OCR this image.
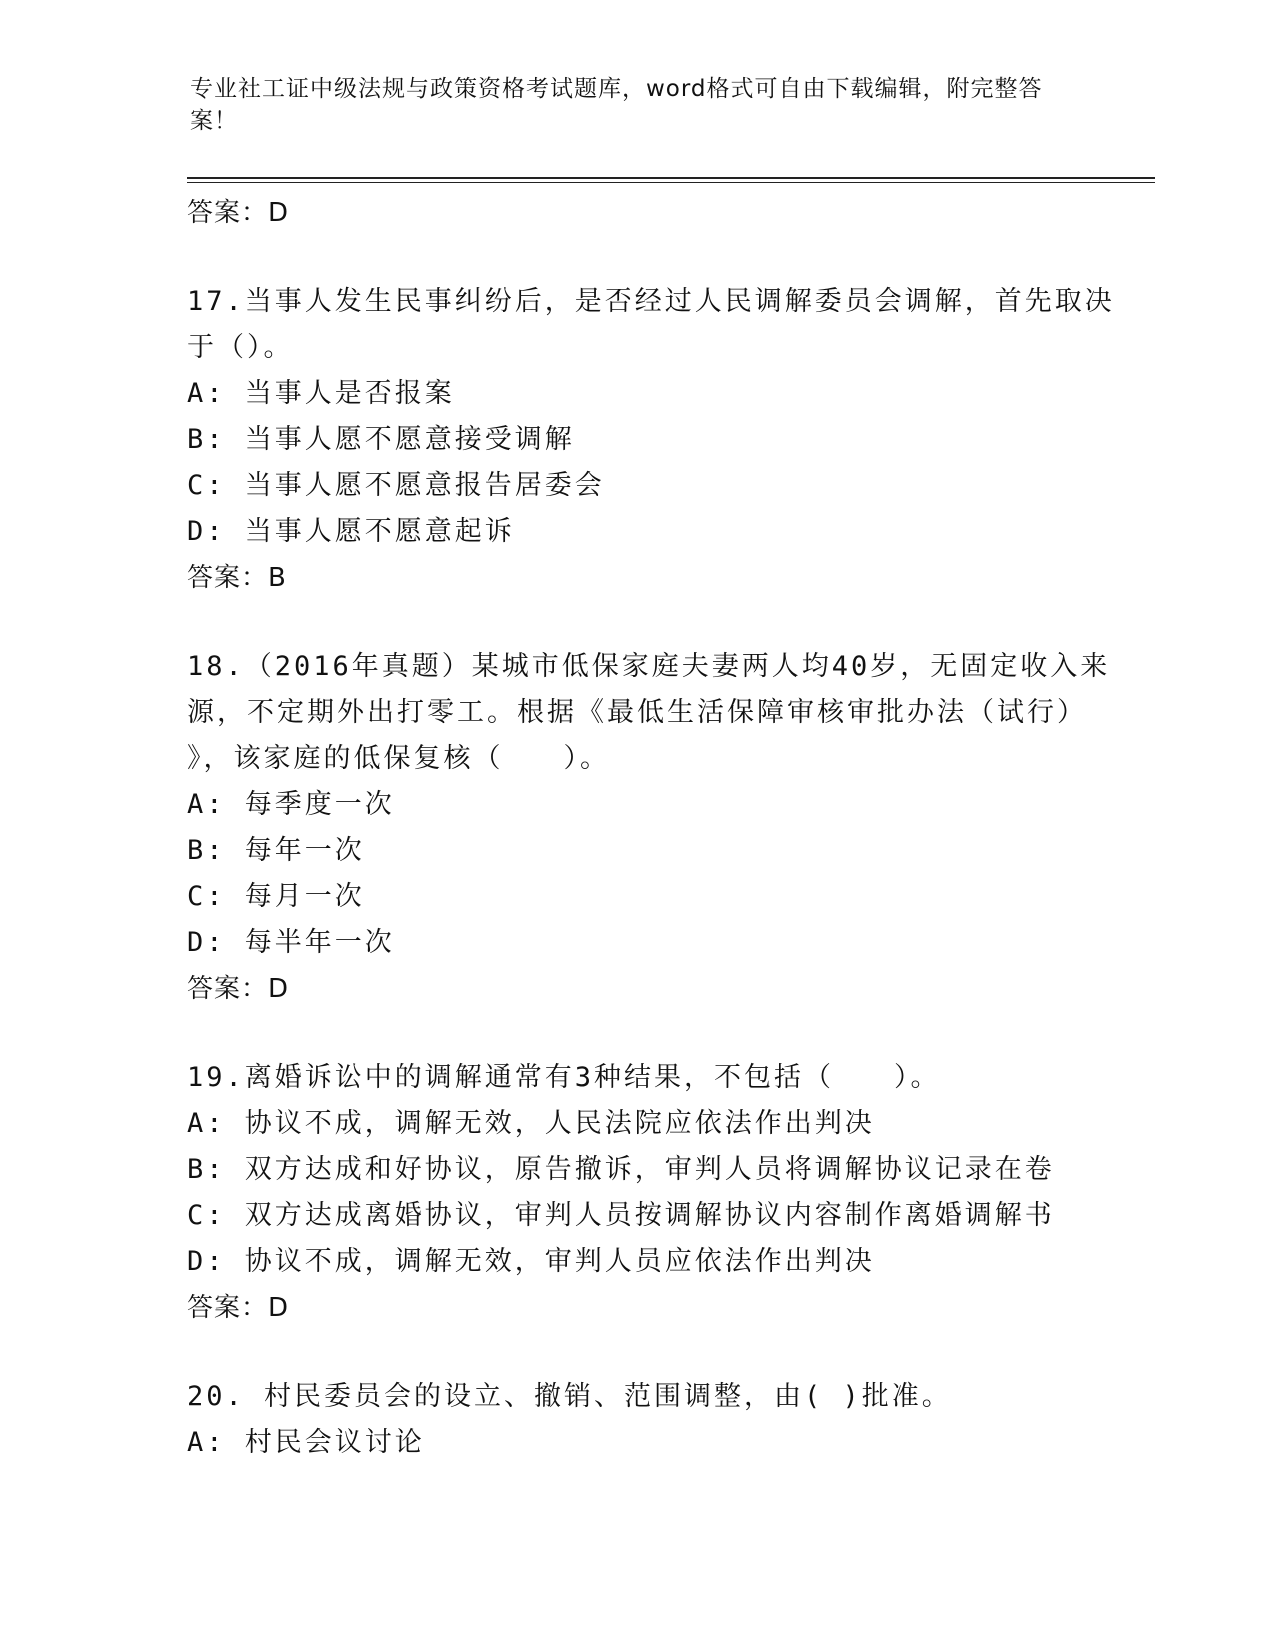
专业社工证中级法规与政策资格考试题库，word格式可自由下载编辑，附完整答
案！
答案：D
17.当事人发生民事纠纷后，是否经过人民调解委员会调解，首先取决
于（）。
A: 当事人是否报案
B: 当事人愿不愿意接受调解
C: 当事人愿不愿意报告居委会
D: 当事人愿不愿意起诉
答案：B
18.（2016年真题）某城市低保家庭夫妻两人均40岁，无固定收入来
源，不定期外出打零工。根据《最低生活保障审核审批办法（试行）
》，该家庭的低保复核（　　）。
A: 每季度一次
B: 每年一次
C: 每月一次
D: 每半年一次
答案：D
19.离婚诉讼中的调解通常有3种结果，不包括（　　）。
A: 协议不成，调解无效，人民法院应依法作出判决
B: 双方达成和好协议，原告撤诉，审判人员将调解协议记录在卷
C: 双方达成离婚协议，审判人员按调解协议内容制作离婚调解书
D: 协议不成，调解无效，审判人员应依法作出判决
答案：D
20. 村民委员会的设立、撤销、范围调整，由( )批准。
A: 村民会议讨论
